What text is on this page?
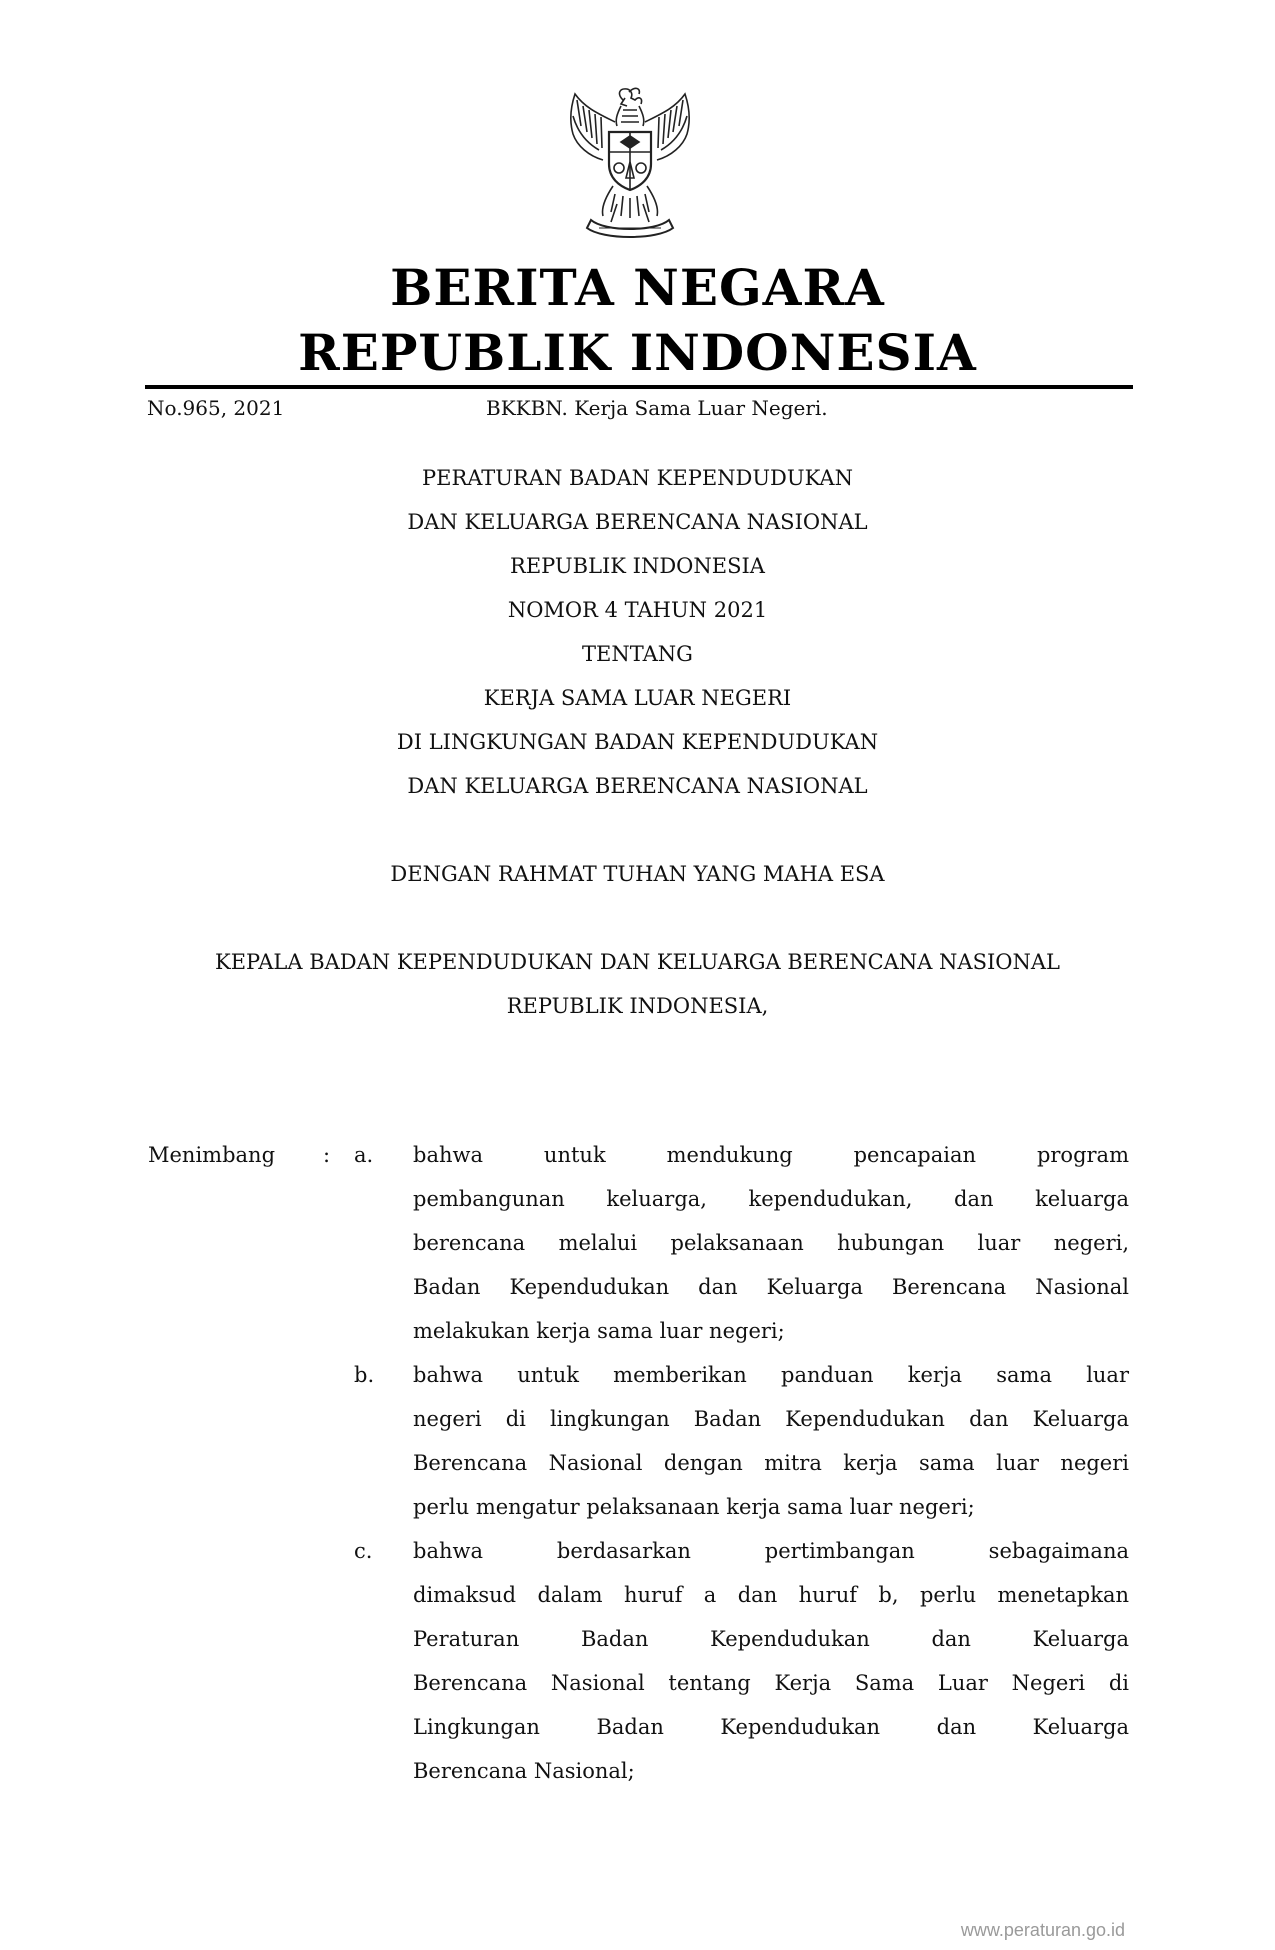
BERITA NEGARA
REPUBLIK INDONESIA
No.965, 2021	BKKBN. Kerja Sama Luar Negeri.
PERATURAN BADAN KEPENDUDUKAN
DAN KELUARGA BERENCANA NASIONAL
REPUBLIK INDONESIA
NOMOR 4 TAHUN 2021
TENTANG
KERJA SAMA LUAR NEGERI
DI LINGKUNGAN BADAN KEPENDUDUKAN
DAN KELUARGA BERENCANA NASIONAL
DENGAN RAHMAT TUHAN YANG MAHA ESA
KEPALA BADAN KEPENDUDUKAN DAN KELUARGA BERENCANA NASIONAL
REPUBLIK INDONESIA,
Menimbang : a. bahwa untuk mendukung pencapaian program
pembangunan keluarga, kependudukan, dan keluarga
berencana melalui pelaksanaan hubungan luar negeri,
Badan Kependudukan dan Keluarga Berencana Nasional
melakukan kerja sama luar negeri;
b. bahwa untuk memberikan panduan kerja sama luar
negeri di lingkungan Badan Kependudukan dan Keluarga
Berencana Nasional dengan mitra kerja sama luar negeri
perlu mengatur pelaksanaan kerja sama luar negeri;
c. bahwa berdasarkan pertimbangan sebagaimana
dimaksud dalam huruf a dan huruf b, perlu menetapkan
Peraturan Badan Kependudukan dan Keluarga
Berencana Nasional tentang Kerja Sama Luar Negeri di
Lingkungan Badan Kependudukan dan Keluarga
Berencana Nasional;
www.peraturan.go.id
